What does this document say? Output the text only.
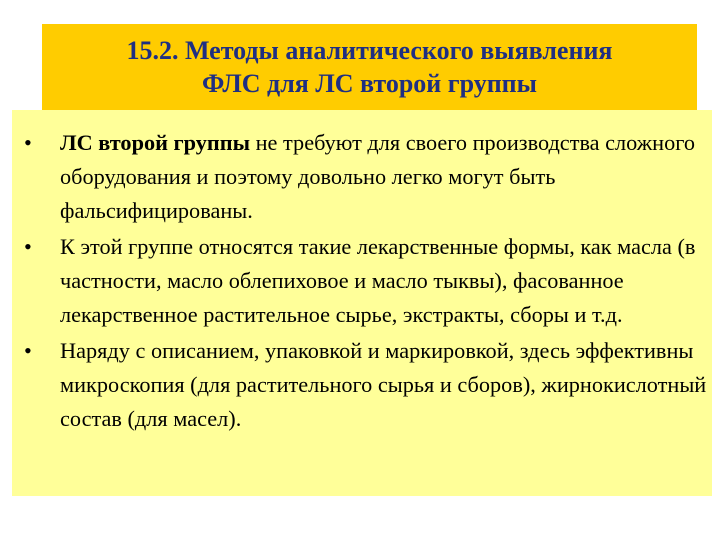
15.2. Методы аналитического выявления
ФЛС для ЛС второй группы
• ЛС второй группы не требуют для своего производства сложного оборудования и поэтому довольно легко могут быть фальсифицированы.
• К этой группе относятся такие лекарственные формы, как масла (в частности, масло облепиховое и масло тыквы), фасованное лекарственное растительное сырье, экстракты, сборы и т.д.
• Наряду с описанием, упаковкой и маркировкой, здесь эффективны микроскопия (для растительного сырья и сборов), жирнокислотный состав (для масел).
